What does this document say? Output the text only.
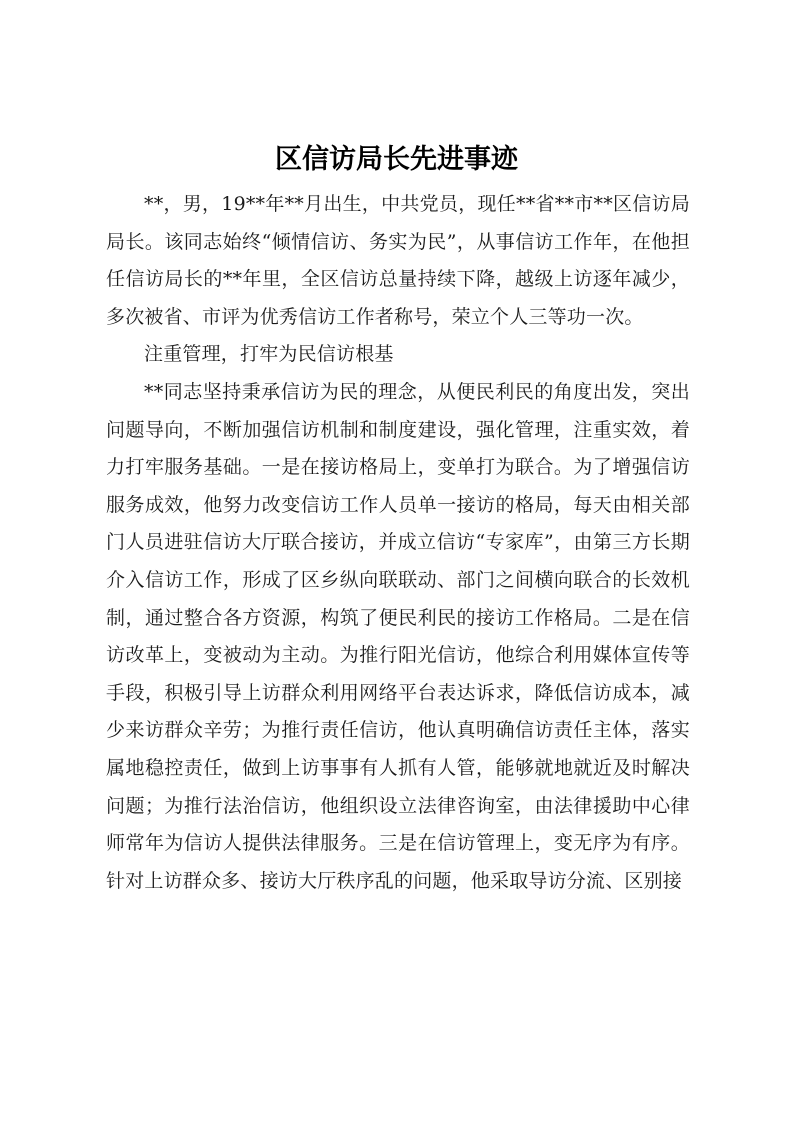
区信访局长先进事迹

**，男，19**年**月出生，中共党员，现任**省**市**区信访局局长。该同志始终“倾情信访、务实为民”，从事信访工作年，在他担任信访局长的**年里，全区信访总量持续下降，越级上访逐年减少，多次被省、市评为优秀信访工作者称号，荣立个人三等功一次。

注重管理，打牢为民信访根基

**同志坚持秉承信访为民的理念，从便民利民的角度出发，突出问题导向，不断加强信访机制和制度建设，强化管理，注重实效，着力打牢服务基础。一是在接访格局上，变单打为联合。为了增强信访服务成效，他努力改变信访工作人员单一接访的格局，每天由相关部门人员进驻信访大厅联合接访，并成立信访“专家库”，由第三方长期介入信访工作，形成了区乡纵向联联动、部门之间横向联合的长效机制，通过整合各方资源，构筑了便民利民的接访工作格局。二是在信访改革上，变被动为主动。为推行阳光信访，他综合利用媒体宣传等手段，积极引导上访群众利用网络平台表达诉求，降低信访成本，减少来访群众辛劳；为推行责任信访，他认真明确信访责任主体，落实属地稳控责任，做到上访事事有人抓有人管，能够就地就近及时解决问题；为推行法治信访，他组织设立法律咨询室，由法律援助中心律师常年为信访人提供法律服务。三是在信访管理上，变无序为有序。针对上访群众多、接访大厅秩序乱的问题，他采取导访分流、区别接
